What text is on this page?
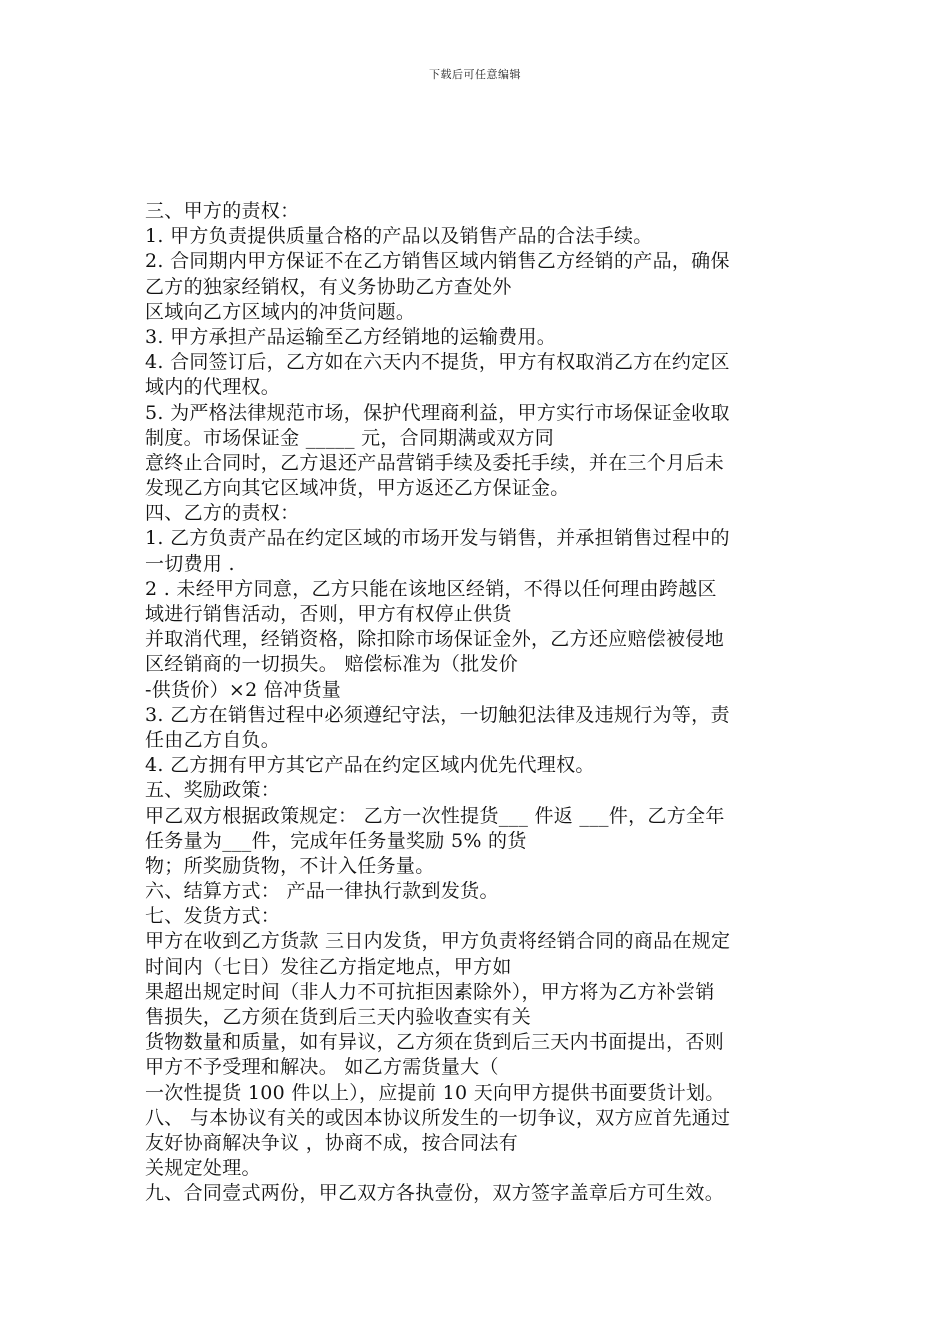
下载后可任意编辑
三、甲方的责权：
1. 甲方负责提供质量合格的产品以及销售产品的合法手续。
2. 合同期内甲方保证不在乙方销售区域内销售乙方经销的产品，确保
乙方的独家经销权，有义务协助乙方查处外
区域向乙方区域内的冲货问题。
3. 甲方承担产品运输至乙方经销地的运输费用。
4. 合同签订后，乙方如在六天内不提货，甲方有权取消乙方在约定区
域内的代理权。
5. 为严格法律规范市场，保护代理商利益，甲方实行市场保证金收取
制度。市场保证金 _____ 元，合同期满或双方同
意终止合同时，乙方退还产品营销手续及委托手续，并在三个月后未
发现乙方向其它区域冲货，甲方返还乙方保证金。
四、乙方的责权：
1. 乙方负责产品在约定区域的市场开发与销售，并承担销售过程中的
一切费用 .
2 . 未经甲方同意，乙方只能在该地区经销，不得以任何理由跨越区
域进行销售活动，否则，甲方有权停止供货
并取消代理，经销资格，除扣除市场保证金外，乙方还应赔偿被侵地
区经销商的一切损失。 赔偿标准为（批发价
-供货价）×2 倍冲货量
3. 乙方在销售过程中必须遵纪守法，一切触犯法律及违规行为等，责
任由乙方自负。
4. 乙方拥有甲方其它产品在约定区域内优先代理权。
五、奖励政策：
甲乙双方根据政策规定： 乙方一次性提货___ 件返 ___件，乙方全年
任务量为___件，完成年任务量奖励 5% 的货
物；所奖励货物，不计入任务量。
六、结算方式： 产品一律执行款到发货。
七、发货方式：
甲方在收到乙方货款 三日内发货，甲方负责将经销合同的商品在规定
时间内（七日）发往乙方指定地点，甲方如
果超出规定时间（非人力不可抗拒因素除外），甲方将为乙方补尝销
售损失，乙方须在货到后三天内验收查实有关
货物数量和质量，如有异议，乙方须在货到后三天内书面提出，否则
甲方不予受理和解决。 如乙方需货量大（
一次性提货 100 件以上），应提前 10 天向甲方提供书面要货计划。
八、 与本协议有关的或因本协议所发生的一切争议，双方应首先通过
友好协商解决争议 ，协商不成，按合同法有
关规定处理。
九、合同壹式两份，甲乙双方各执壹份，双方签字盖章后方可生效。
